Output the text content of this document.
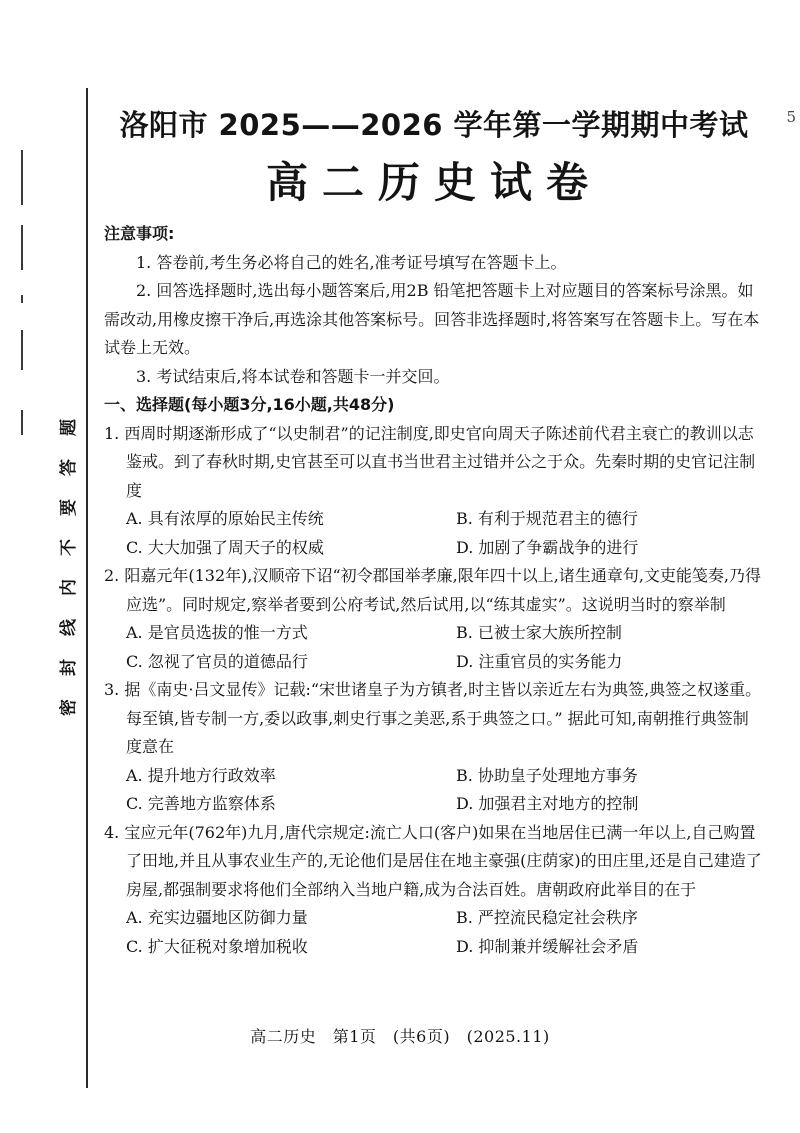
题
答
要
不
内
线
封
密
5
洛阳市 2025——2026 学年第一学期期中考试
高二历史试卷
注意事项:

1. 答卷前,考生务必将自己的姓名,准考证号填写在答题卡上。

2. 回答选择题时,选出每小题答案后,用2B 铅笔把答题卡上对应题目的答案标号涂黑。如需改动,用橡皮擦干净后,再选涂其他答案标号。回答非选择题时,将答案写在答题卡上。写在本试卷上无效。

3. 考试结束后,将本试卷和答题卡一并交回。

一、选择题(每小题3分,16小题,共48分)

1. 西周时期逐渐形成了“以史制君”的记注制度,即史官向周天子陈述前代君主衰亡的教训以志鉴戒。到了春秋时期,史官甚至可以直书当世君主过错并公之于众。先秦时期的史官记注制度

A. 具有浓厚的原始民主传统	B. 有利于规范君主的德行

C. 大大加强了周天子的权威	D. 加剧了争霸战争的进行

2. 阳嘉元年(132年),汉顺帝下诏“初令郡国举孝廉,限年四十以上,诸生通章句,文吏能笺奏,乃得应选”。同时规定,察举者要到公府考试,然后试用,以“练其虚实”。这说明当时的察举制

A. 是官员选拔的惟一方式	B. 已被士家大族所控制

C. 忽视了官员的道德品行	D. 注重官员的实务能力

3. 据《南史·吕文显传》记载:“宋世诸皇子为方镇者,时主皆以亲近左右为典签,典签之权遂重。每至镇,皆专制一方,委以政事,刺史行事之美恶,系于典签之口。” 据此可知,南朝推行典签制度意在

A. 提升地方行政效率	B. 协助皇子处理地方事务

C. 完善地方监察体系	D. 加强君主对地方的控制

4. 宝应元年(762年)九月,唐代宗规定:流亡人口(客户)如果在当地居住已满一年以上,自己购置了田地,并且从事农业生产的,无论他们是居住在地主豪强(庄荫家)的田庄里,还是自己建造了房屋,都强制要求将他们全部纳入当地户籍,成为合法百姓。唐朝政府此举目的在于

A. 充实边疆地区防御力量	B. 严控流民稳定社会秩序

C. 扩大征税对象增加税收	D. 抑制兼并缓解社会矛盾

高二历史　第1页　(共6页)　(2025.11)
